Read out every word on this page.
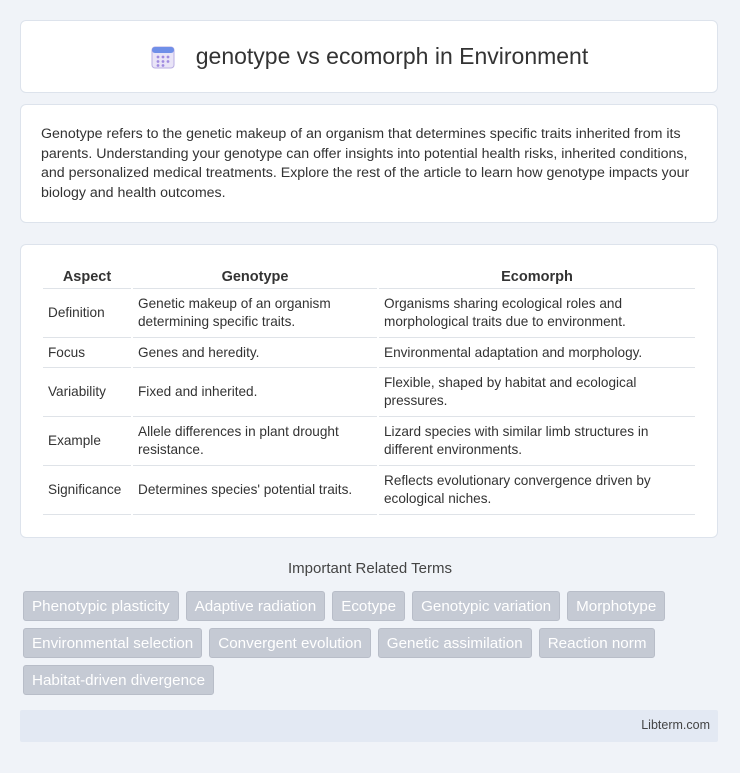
genotype vs ecomorph in Environment

Genotype refers to the genetic makeup of an organism that determines specific traits inherited from its parents. Understanding your genotype can offer insights into potential health risks, inherited conditions, and personalized medical treatments. Explore the rest of the article to learn how genotype impacts your biology and health outcomes.

Aspect	Genotype	Ecomorph
Definition	Genetic makeup of an organism determining specific traits.	Organisms sharing ecological roles and morphological traits due to environment.
Focus	Genes and heredity.	Environmental adaptation and morphology.
Variability	Fixed and inherited.	Flexible, shaped by habitat and ecological pressures.
Example	Allele differences in plant drought resistance.	Lizard species with similar limb structures in different environments.
Significance	Determines species' potential traits.	Reflects evolutionary convergence driven by ecological niches.
Important Related Terms
Phenotypic plasticity	Adaptive radiation	Ecotype	Genotypic variation	Morphotype
Environmental selection	Convergent evolution	Genetic assimilation	Reaction norm
Habitat-driven divergence
Libterm.com
